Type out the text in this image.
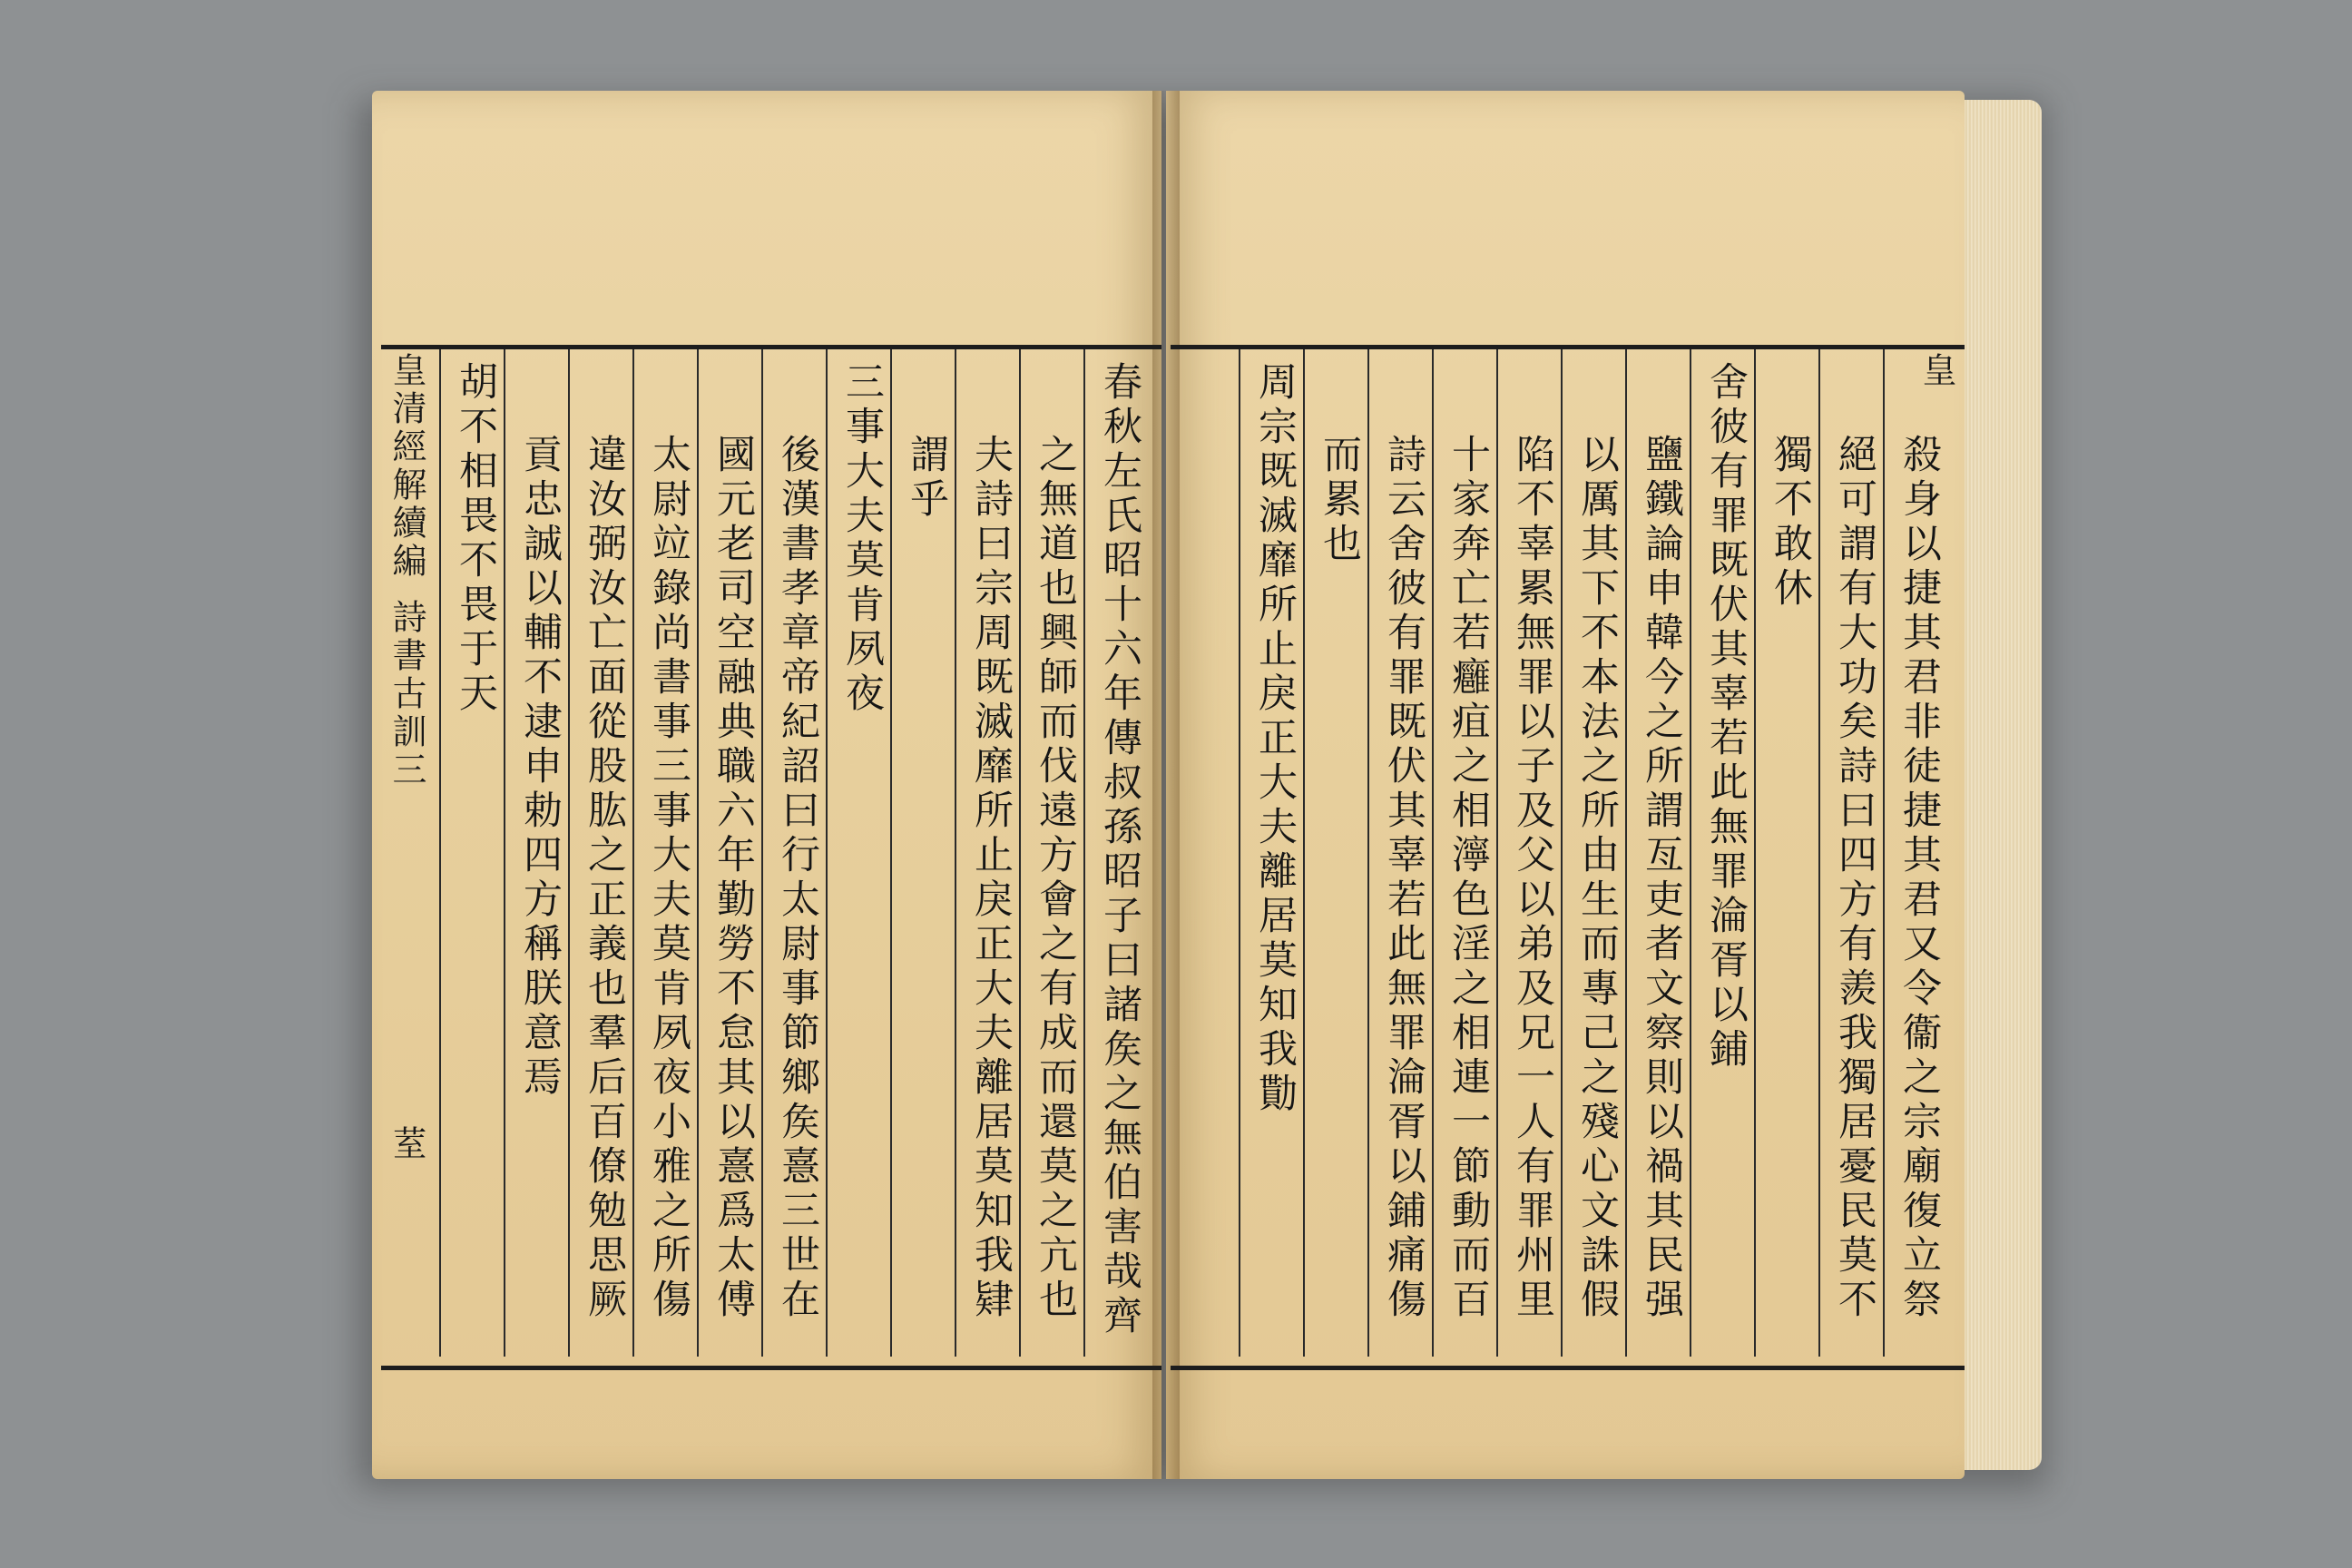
皇清經解續編詩書古訓三
荎
春秋左氏昭十六年傳叔孫昭子曰諸矦之無伯害哉齊
之無道也興師而伐遠方會之有成而還莫之亢也
夫詩曰宗周既滅靡所止戾正大夫離居莫知我肄
謂乎
三事大夫莫肯夙夜
後漢書孝章帝紀詔曰行太尉事節鄉矦憙三世在
國元老司空融典職六年勤勞不怠其以憙爲太傅
太尉竝錄尚書事三事大夫莫肯夙夜小雅之所傷
違汝弼汝亡面從股肱之正義也羣后百僚勉思厥
貢忠誠以輔不逮申勅四方稱朕意焉
胡不相畏不畏于天	皇
殺身以捷其君非徒捷其君又令衞之宗廟復立祭
絕可謂有大功矣詩曰四方有羨我獨居憂民莫不
獨不敢休
舍彼有罪既伏其辜若此無罪淪胥以鋪
鹽鐵論申韓今之所謂亙吏者文察則以禍其民强
以厲其下不本法之所由生而專己之殘心文誅假
陷不辜累無罪以子及父以弟及兄一人有罪州里
十家奔亡若癰疽之相濘色淫之相連一節動而百
詩云舍彼有罪既伏其辜若此無罪淪胥以鋪痛傷
而累也
周宗既滅靡所止戾正大夫離居莫知我勩
